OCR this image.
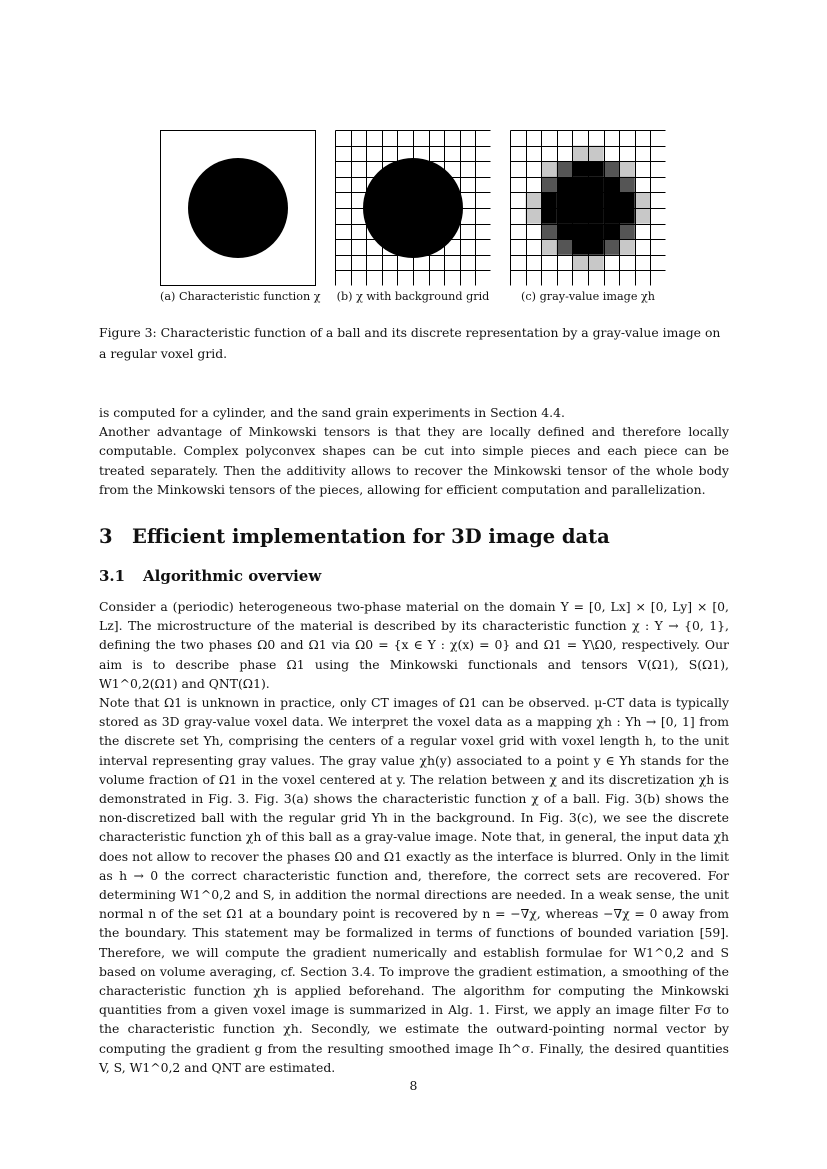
(a) Characteristic function χ (b) χ with background grid	(c) gray-value image χh
Figure 3: Characteristic function of a ball and its discrete representation by a gray-value image on a regular voxel grid.

is computed for a cylinder, and the sand grain experiments in Section 4.4.

Another advantage of Minkowski tensors is that they are locally defined and therefore locally computable. Complex polyconvex shapes can be cut into simple pieces and each piece can be treated separately. Then the additivity allows to recover the Minkowski tensor of the whole body from the Minkowski tensors of the pieces, allowing for efficient computation and parallelization.

3 Efficient implementation for 3D image data
3.1 Algorithmic overview

Consider a (periodic) heterogeneous two-phase material on the domain Y = [0, Lx] × [0, Ly] × [0, Lz]. The microstructure of the material is described by its characteristic function χ : Y → {0, 1}, defining the two phases Ω0 and Ω1 via Ω0 = {x ∈ Y : χ(x) = 0} and Ω1 = Y\Ω0, respectively. Our aim is to describe phase Ω1 using the Minkowski functionals and tensors V(Ω1), S(Ω1), W1^0,2(Ω1) and QNT(Ω1).

Note that Ω1 is unknown in practice, only CT images of Ω1 can be observed. μ-CT data is typically stored as 3D gray-value voxel data. We interpret the voxel data as a mapping χh : Yh → [0, 1] from the discrete set Yh, comprising the centers of a regular voxel grid with voxel length h, to the unit interval representing gray values. The gray value χh(y) associated to a point y ∈ Yh stands for the volume fraction of Ω1 in the voxel centered at y. The relation between χ and its discretization χh is demonstrated in Fig. 3. Fig. 3(a) shows the characteristic function χ of a ball. Fig. 3(b) shows the non-discretized ball with the regular grid Yh in the background. In Fig. 3(c), we see the discrete characteristic function χh of this ball as a gray-value image. Note that, in general, the input data χh does not allow to recover the phases Ω0 and Ω1 exactly as the interface is blurred. Only in the limit as h → 0 the correct characteristic function and, therefore, the correct sets are recovered. For determining W1^0,2 and S, in addition the normal directions are needed. In a weak sense, the unit normal n of the set Ω1 at a boundary point is recovered by n = −∇χ, whereas −∇χ = 0 away from the boundary. This statement may be formalized in terms of functions of bounded variation [59]. Therefore, we will compute the gradient numerically and establish formulae for W1^0,2 and S based on volume averaging, cf. Section 3.4. To improve the gradient estimation, a smoothing of the characteristic function χh is applied beforehand. The algorithm for computing the Minkowski quantities from a given voxel image is summarized in Alg. 1. First, we apply an image filter Fσ to the characteristic function χh. Secondly, we estimate the outward-pointing normal vector by computing the gradient g from the resulting smoothed image Ih^σ. Finally, the desired quantities V, S, W1^0,2 and QNT are estimated.

8
